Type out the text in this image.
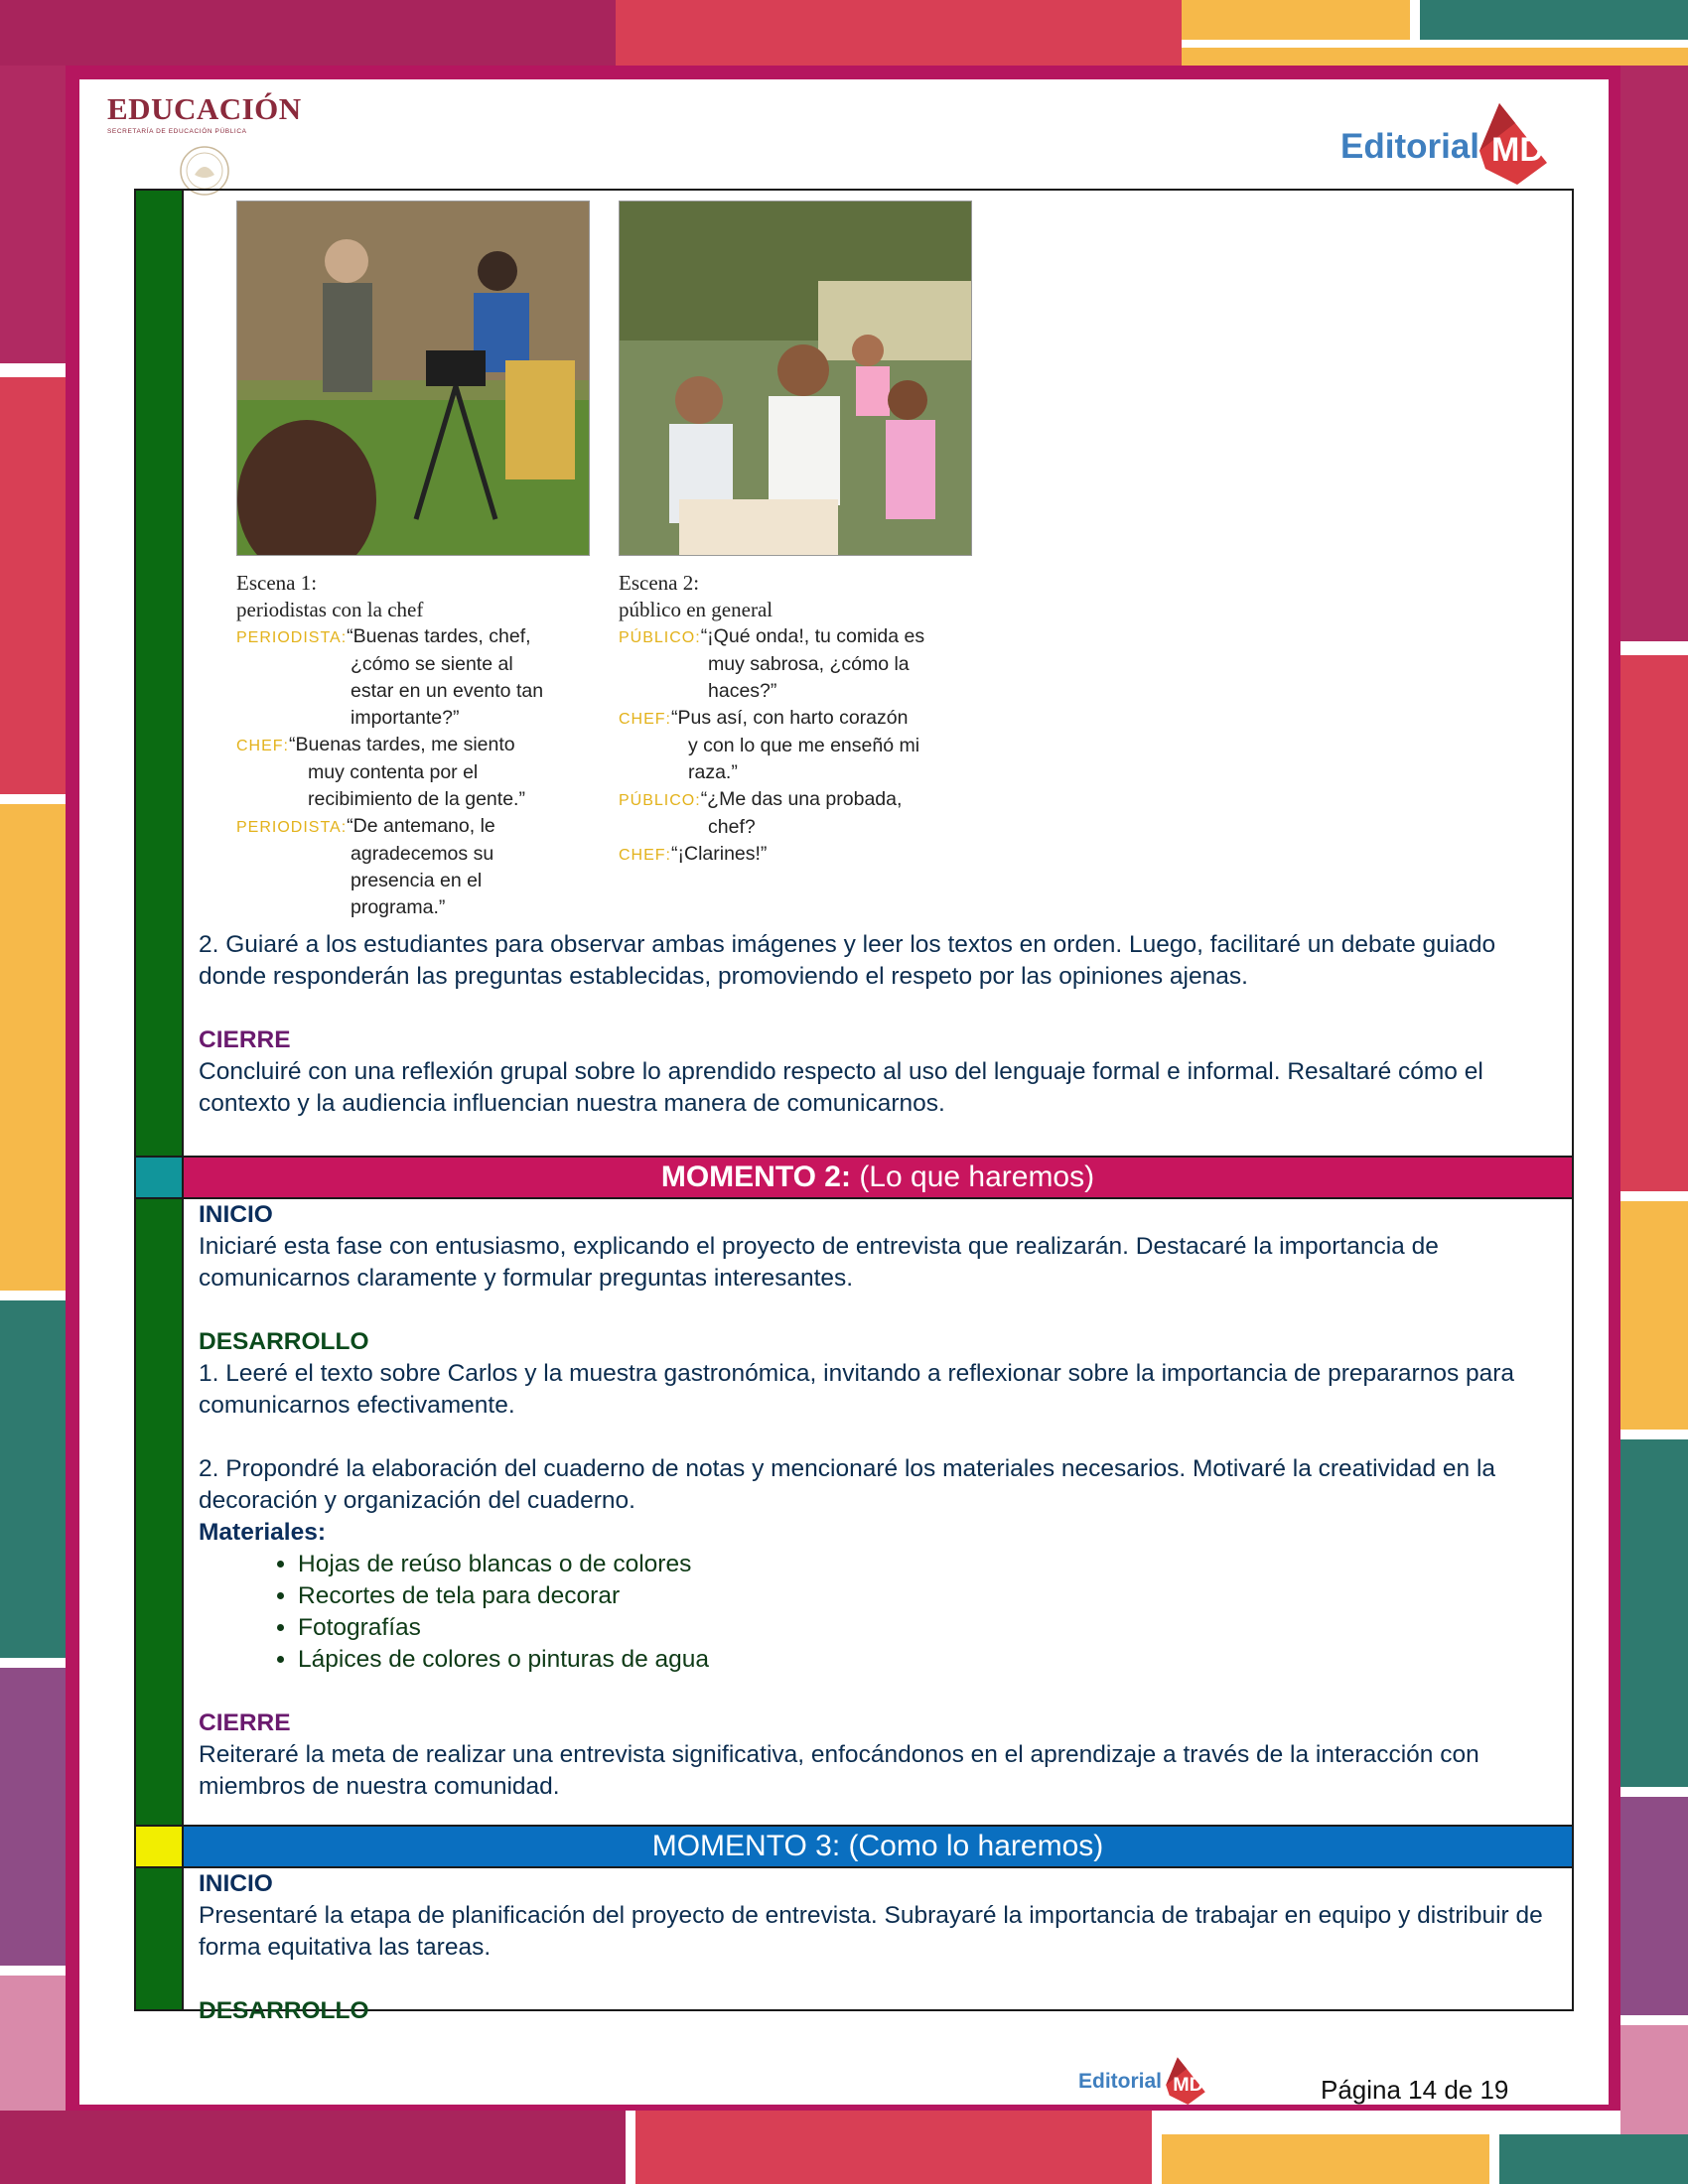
EDUCACIÓN
SECRETARÍA DE EDUCACIÓN PÚBLICA	Editorial MD
Escena 1:
periodistas con la chef
PERIODISTA:“Buenas tardes, chef,
¿cómo se siente al
estar en un evento tan
importante?”
CHEF:“Buenas tardes, me siento
muy contenta por el
recibimiento de la gente.”
PERIODISTA:“De antemano, le
agradecemos su
presencia en el
programa.”
Escena 2:
público en general
PÚBLICO:“¡Qué onda!, tu comida es
muy sabrosa, ¿cómo la
haces?”
CHEF:“Pus así, con harto corazón
y con lo que me enseñó mi
raza.”
PÚBLICO:“¿Me das una probada,
chef?
CHEF:“¡Clarines!”

2. Guiaré a los estudiantes para observar ambas imágenes y leer los textos en orden. Luego, facilitaré un debate guiado donde responderán las preguntas establecidas, promoviendo el respeto por las opiniones ajenas.

CIERRE

Concluiré con una reflexión grupal sobre lo aprendido respecto al uso del lenguaje formal e informal. Resaltaré cómo el contexto y la audiencia influencian nuestra manera de comunicarnos.

MOMENTO 2: (Lo que haremos)

INICIO

Iniciaré esta fase con entusiasmo, explicando el proyecto de entrevista que realizarán. Destacaré la importancia de comunicarnos claramente y formular preguntas interesantes.

DESARROLLO

1. Leeré el texto sobre Carlos y la muestra gastronómica, invitando a reflexionar sobre la importancia de prepararnos para comunicarnos efectivamente.

2. Propondré la elaboración del cuaderno de notas y mencionaré los materiales necesarios. Motivaré la creatividad en la decoración y organización del cuaderno.

Materiales:

• Hojas de reúso blancas o de colores
• Recortes de tela para decorar
• Fotografías
• Lápices de colores o pinturas de agua

CIERRE

Reiteraré la meta de realizar una entrevista significativa, enfocándonos en el aprendizaje a través de la interacción con miembros de nuestra comunidad.

MOMENTO 3: (Como lo haremos)

INICIO

Presentaré la etapa de planificación del proyecto de entrevista. Subrayaré la importancia de trabajar en equipo y distribuir de forma equitativa las tareas.

DESARROLLO

Editorial MD	Página 14 de 19
